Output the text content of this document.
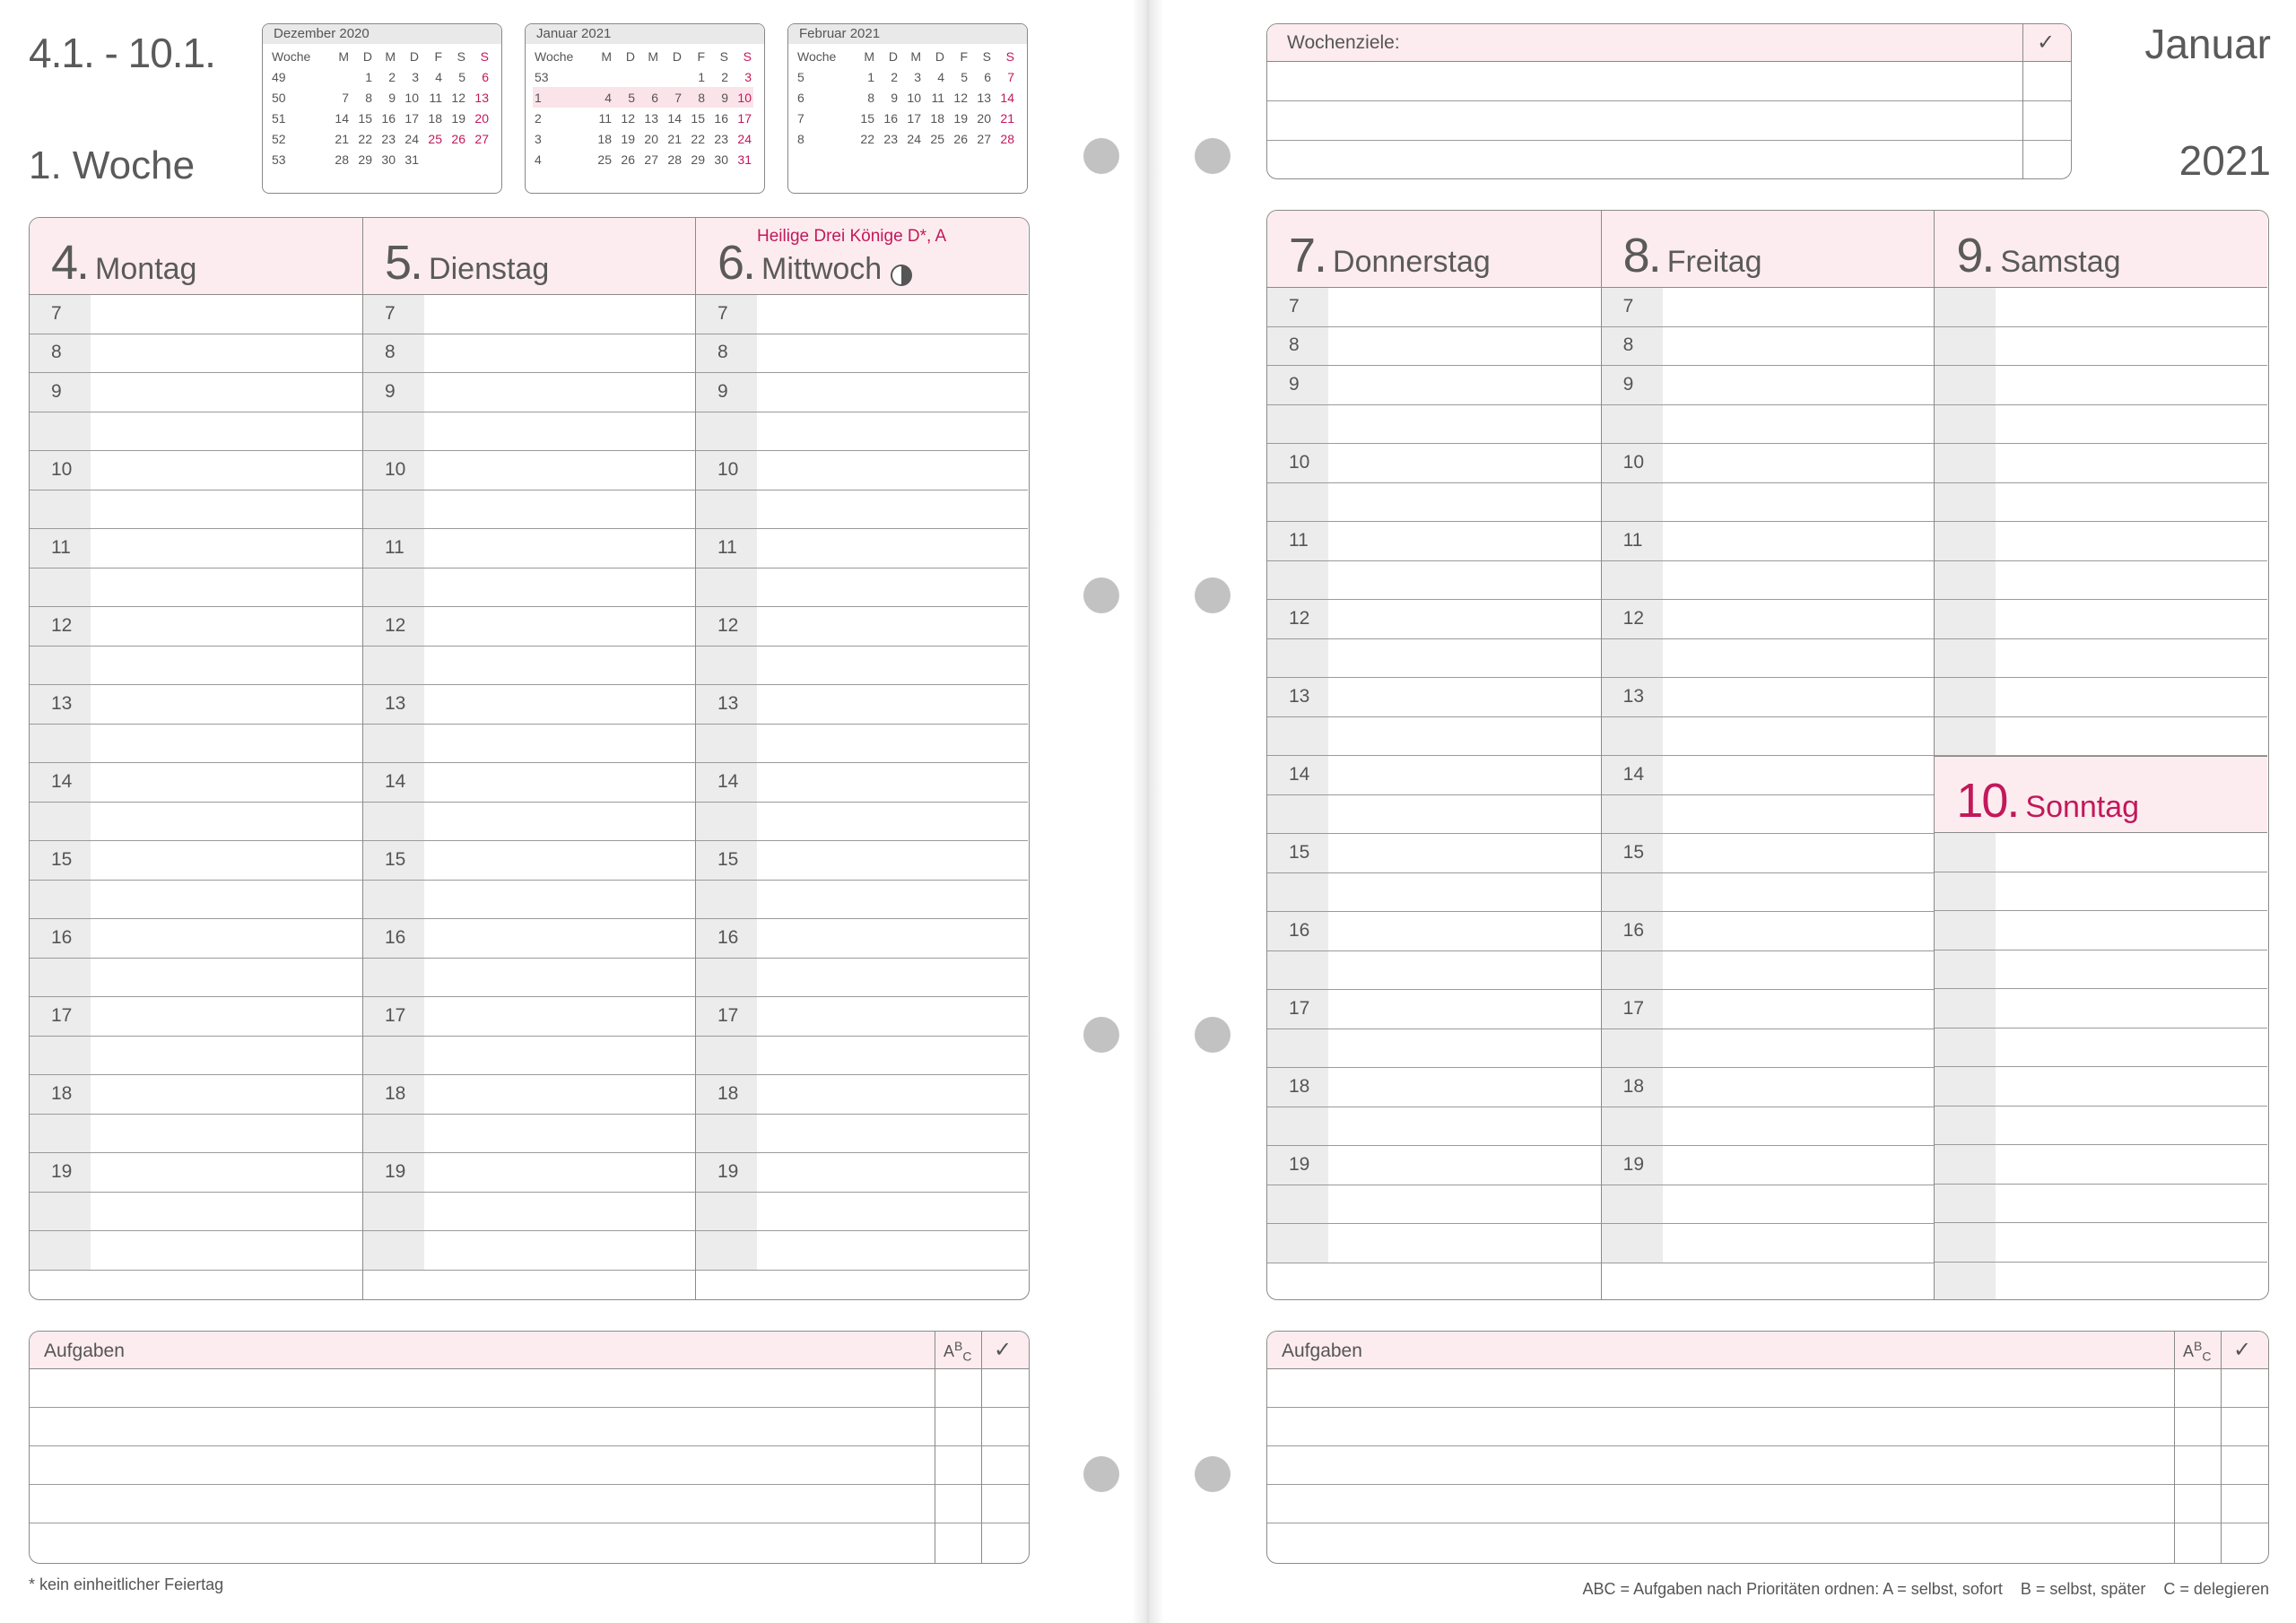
4.1. - 10.1.
1. Woche
Dezember 2020
Woche	M	D	M	D	F	S	S
49		1	2	3	4	5	6
50	7	8	9	10	11	12	13
51	14	15	16	17	18	19	20
52	21	22	23	24	25	26	27
53	28	29	30	31			
Januar 2021
Woche	M	D	M	D	F	S	S
53					1	2	3
1	4	5	6	7	8	9	10
2	11	12	13	14	15	16	17
3	18	19	20	21	22	23	24
4	25	26	27	28	29	30	31
Februar 2021
Woche	M	D	M	D	F	S	S
5	1	2	3	4	5	6	7
6	8	9	10	11	12	13	14
7	15	16	17	18	19	20	21
8	22	23	24	25	26	27	28
Januar
2021
Wochenziele:	✓
4. Montag
7
8
9
10
11
12
13
14
15
16
17
18
19
5. Dienstag
7
8
9
10
11
12
13
14
15
16
17
18
19
6. Mittwoch
Heilige Drei Könige D*, A
7
8
9
10
11
12
13
14
15
16
17
18
19
7. Donnerstag
7
8
9
10
11
12
13
14
15
16
17
18
19
8. Freitag
7
8
9
10
11
12
13
14
15
16
17
18
19
9. Samstag
10. Sonntag
Aufgaben	$A^B_C$ ✓	Aufgaben	$A^B_C$ ✓
* kein einheitlicher Feiertag	ABC = Aufgaben nach Prioritäten ordnen: A = selbst, sofort    B = selbst, später    C = delegieren
